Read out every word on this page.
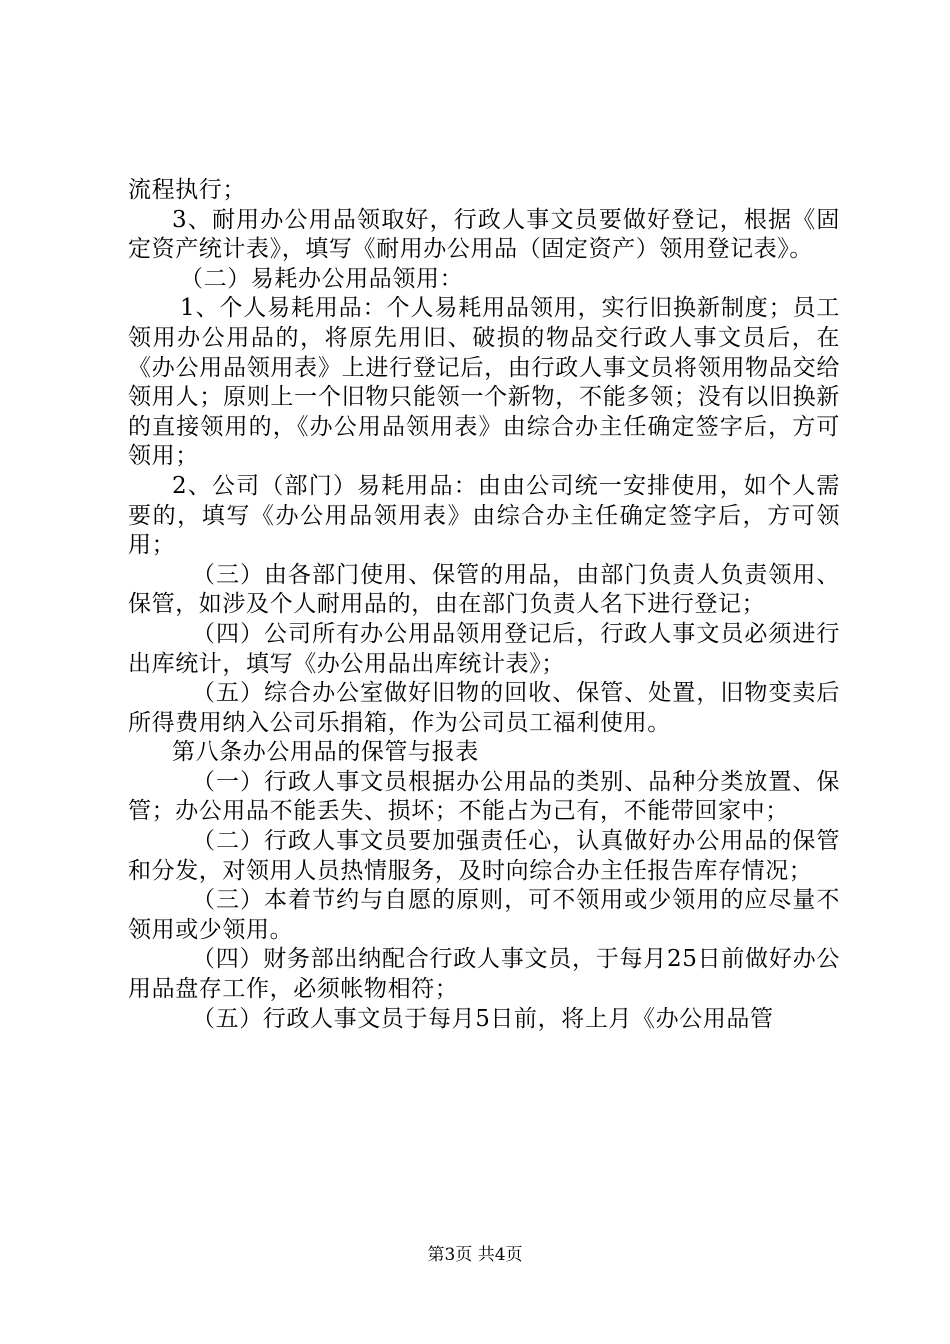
流程执行；

3、耐用办公用品领取好，行政人事文员要做好登记，根据《固定资产统计表》，填写《耐用办公用品（固定资产）领用登记表》。

（二）易耗办公用品领用：

1、个人易耗用品：个人易耗用品领用，实行旧换新制度；员工领用办公用品的，将原先用旧、破损的物品交行政人事文员后，在《办公用品领用表》上进行登记后，由行政人事文员将领用物品交给领用人；原则上一个旧物只能领一个新物，不能多领；没有以旧换新的直接领用的，《办公用品领用表》由综合办主任确定签字后，方可领用；

2、公司（部门）易耗用品：由由公司统一安排使用，如个人需要的，填写《办公用品领用表》由综合办主任确定签字后，方可领用；

（三）由各部门使用、保管的用品，由部门负责人负责领用、保管，如涉及个人耐用品的，由在部门负责人名下进行登记；

（四）公司所有办公用品领用登记后，行政人事文员必须进行出库统计，填写《办公用品出库统计表》；

（五）综合办公室做好旧物的回收、保管、处置，旧物变卖后所得费用纳入公司乐捐箱，作为公司员工福利使用。

第八条办公用品的保管与报表

（一）行政人事文员根据办公用品的类别、品种分类放置、保管；办公用品不能丢失、损坏；不能占为己有，不能带回家中；

（二）行政人事文员要加强责任心，认真做好办公用品的保管和分发，对领用人员热情服务，及时向综合办主任报告库存情况；

（三）本着节约与自愿的原则，可不领用或少领用的应尽量不领用或少领用。

（四）财务部出纳配合行政人事文员，于每月25日前做好办公用品盘存工作，必须帐物相符；

（五）行政人事文员于每月5日前，将上月《办公用品管

第3页 共4页
